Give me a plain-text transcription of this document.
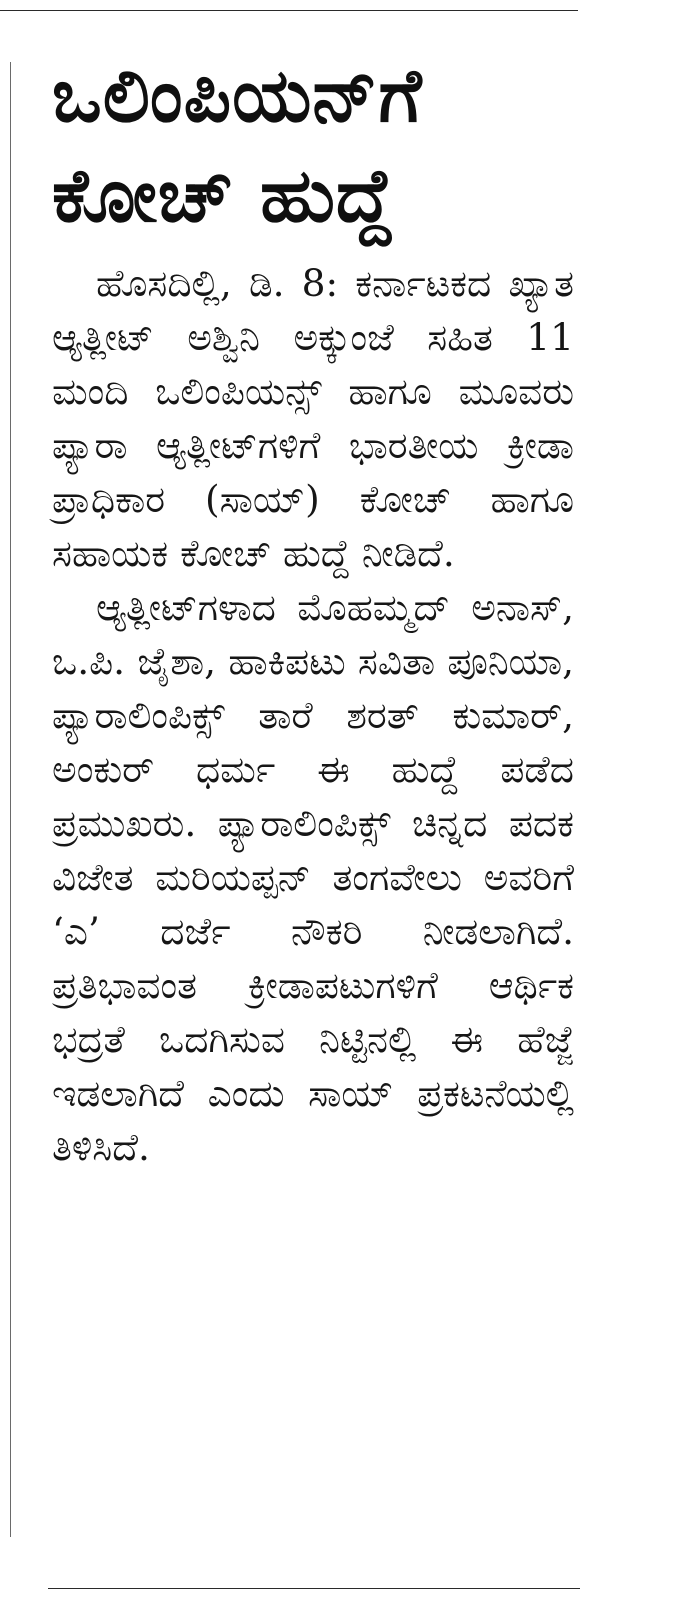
ಒಲಿಂಪಿಯನ್‌ಗೆ
ಕೋಚ್ ಹುದ್ದೆ

ಹೊಸದಿಲ್ಲಿ, ಡಿ. 8: ಕರ್ನಾಟಕದ ಖ್ಯಾತ ಆ್ಯತ್ಲೀಟ್ ಅಶ್ವಿನಿ ಅಕ್ಕುಂಜೆ ಸಹಿತ 11 ಮಂದಿ ಒಲಿಂಪಿಯನ್ಸ್ ಹಾಗೂ ಮೂವರು ಪ್ಯಾರಾ ಆ್ಯತ್ಲೀಟ್‌ಗಳಿಗೆ ಭಾರತೀಯ ಕ್ರೀಡಾ ಪ್ರಾಧಿಕಾರ (ಸಾಯ್) ಕೋಚ್ ಹಾಗೂ ಸಹಾಯಕ ಕೋಚ್ ಹುದ್ದೆ ನೀಡಿದೆ.

ಆ್ಯತ್ಲೀಟ್‌ಗಳಾದ ಮೊಹಮ್ಮದ್ ಅನಾಸ್, ಒ.ಪಿ. ಜೈಶಾ, ಹಾಕಿಪಟು ಸವಿತಾ ಪೂನಿಯಾ, ಪ್ಯಾರಾಲಿಂಪಿಕ್ಸ್ ತಾರೆ ಶರತ್ ಕುಮಾರ್, ಅಂಕುರ್ ಧರ್ಮ ಈ ಹುದ್ದೆ ಪಡೆದ ಪ್ರಮುಖರು. ಪ್ಯಾರಾಲಿಂಪಿಕ್ಸ್ ಚಿನ್ನದ ಪದಕ ವಿಜೇತ ಮರಿಯಪ್ಪನ್ ತಂಗವೇಲು ಅವರಿಗೆ ‘ಎ’ ದರ್ಜೆ ನೌಕರಿ ನೀಡಲಾಗಿದೆ. ಪ್ರತಿಭಾವಂತ ಕ್ರೀಡಾಪಟುಗಳಿಗೆ ಆರ್ಥಿಕ ಭದ್ರತೆ ಒದಗಿಸುವ ನಿಟ್ಟಿನಲ್ಲಿ ಈ ಹೆಜ್ಜೆ ಇಡಲಾಗಿದೆ ಎಂದು ಸಾಯ್ ಪ್ರಕಟನೆಯಲ್ಲಿ ತಿಳಿಸಿದೆ.
